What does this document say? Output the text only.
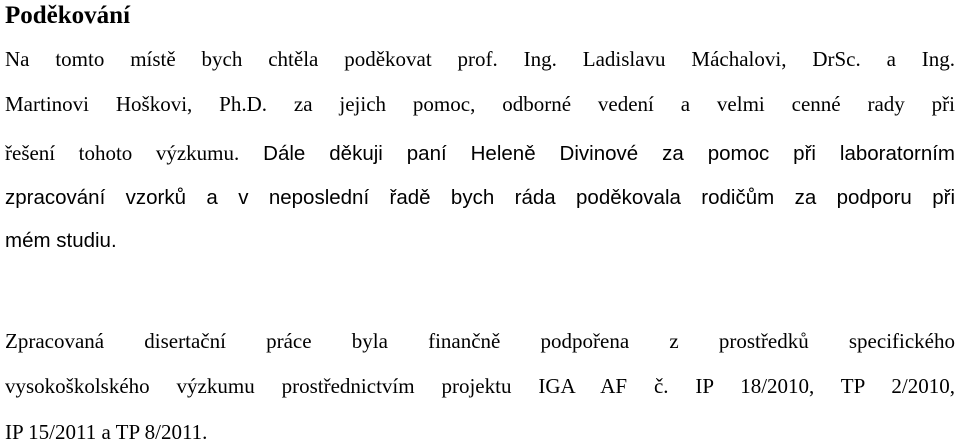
Poděkování
Na tomto místě bych chtěla poděkovat prof. Ing. Ladislavu Máchalovi, DrSc. a Ing.
Martinovi Hoškovi, Ph.D. za jejich pomoc, odborné vedení a velmi cenné rady při
řešení tohoto výzkumu. Dále děkuji paní Heleně Divinové za pomoc při laboratorním
zpracování vzorků a v neposlední řadě bych ráda poděkovala rodičům za podporu při
mém studiu.
Zpracovaná disertační práce byla finančně podpořena z prostředků specifického
vysokoškolského výzkumu prostřednictvím projektu IGA AF č. IP 18/2010, TP 2/2010,
IP 15/2011 a TP 8/2011.
